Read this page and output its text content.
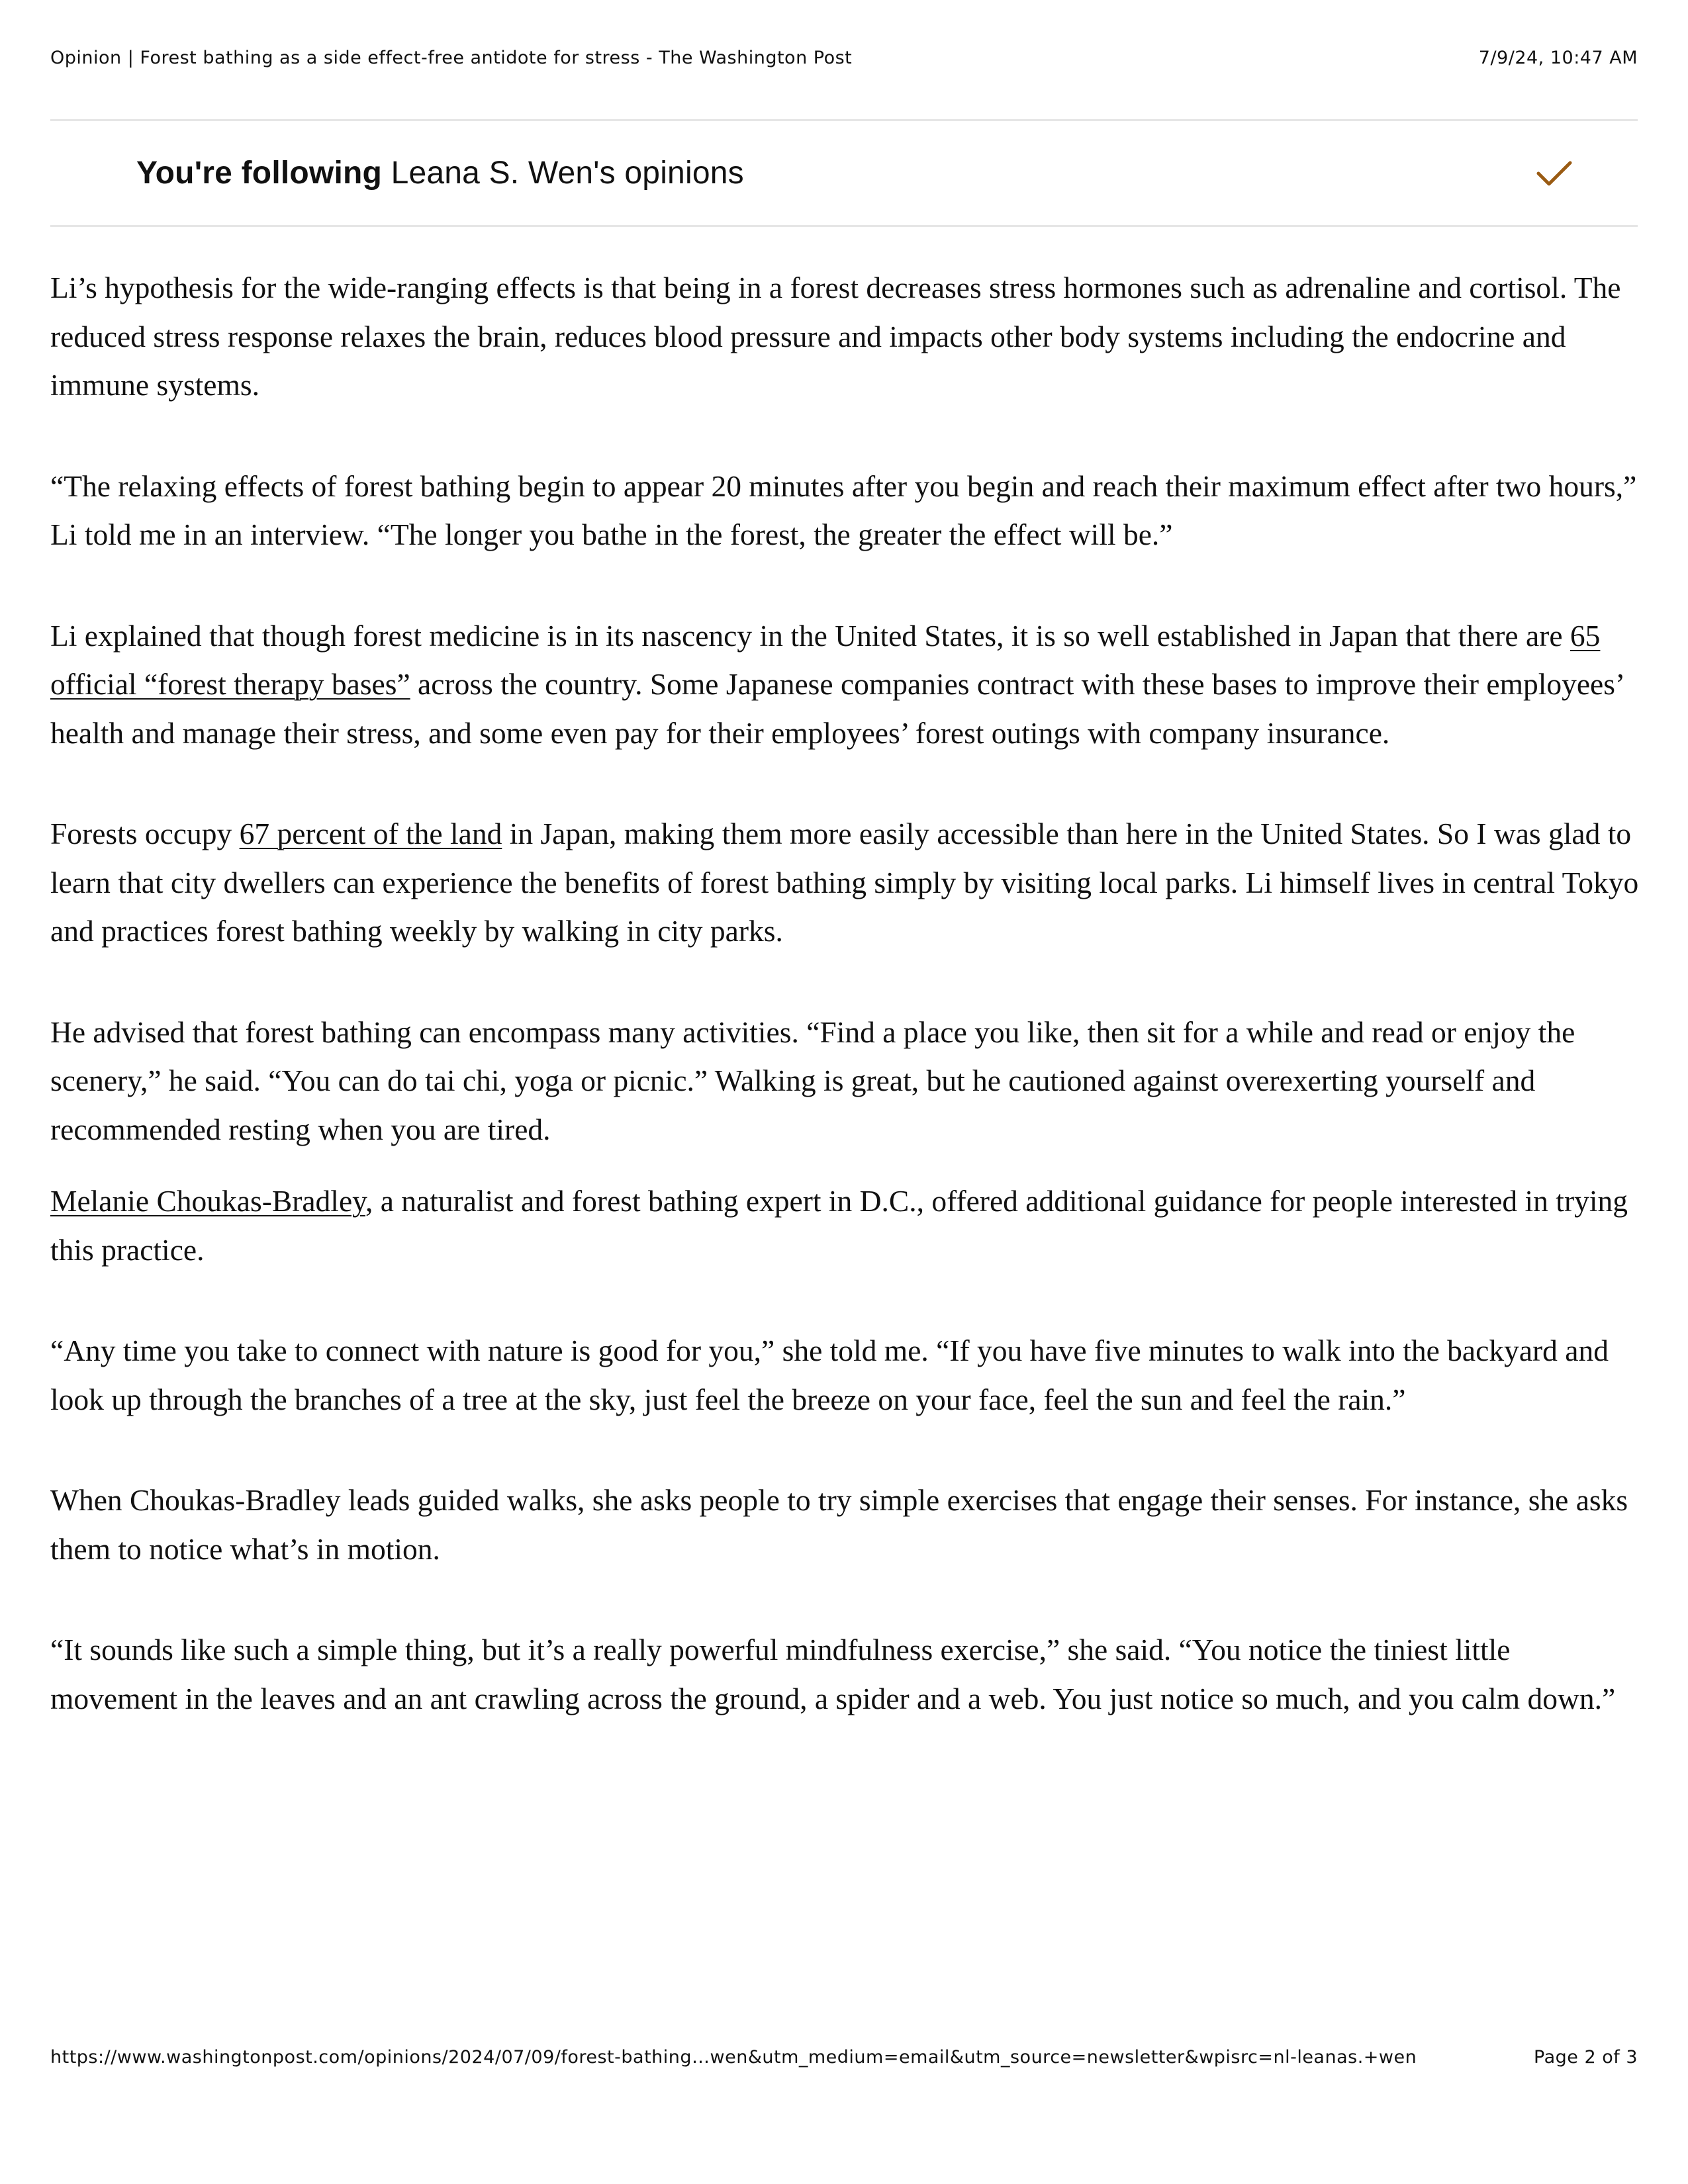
Opinion | Forest bathing as a side effect-free antidote for stress - The Washington Post	7/9/24, 10:47 AM
You're following Leana S. Wen's opinions

Li’s hypothesis for the wide-ranging effects is that being in a forest decreases stress hormones such as adrenaline and cortisol. The reduced stress response relaxes the brain, reduces blood pressure and impacts other body systems including the endocrine and immune systems.

“The relaxing effects of forest bathing begin to appear 20 minutes after you begin and reach their maximum effect after two hours,” Li told me in an interview. “The longer you bathe in the forest, the greater the effect will be.”

Li explained that though forest medicine is in its nascency in the United States, it is so well established in Japan that there are 65 official “forest therapy bases” across the country. Some Japanese companies contract with these bases to improve their employees’ health and manage their stress, and some even pay for their employees’ forest outings with company insurance.

Forests occupy 67 percent of the land in Japan, making them more easily accessible than here in the United States. So I was glad to learn that city dwellers can experience the benefits of forest bathing simply by visiting local parks. Li himself lives in central Tokyo and practices forest bathing weekly by walking in city parks.

He advised that forest bathing can encompass many activities. “Find a place you like, then sit for a while and read or enjoy the scenery,” he said. “You can do tai chi, yoga or picnic.” Walking is great, but he cautioned against overexerting yourself and recommended resting when you are tired.

Melanie Choukas-Bradley, a naturalist and forest bathing expert in D.C., offered additional guidance for people interested in trying this practice.

“Any time you take to connect with nature is good for you,” she told me. “If you have five minutes to walk into the backyard and look up through the branches of a tree at the sky, just feel the breeze on your face, feel the sun and feel the rain.”

When Choukas-Bradley leads guided walks, she asks people to try simple exercises that engage their senses. For instance, she asks them to notice what’s in motion.

“It sounds like such a simple thing, but it’s a really powerful mindfulness exercise,” she said. “You notice the tiniest little movement in the leaves and an ant crawling across the ground, a spider and a web. You just notice so much, and you calm down.”

https://www.washingtonpost.com/opinions/2024/07/09/forest-bathing…wen&utm_medium=email&utm_source=newsletter&wpisrc=nl-leanas.+wen	Page 2 of 3
